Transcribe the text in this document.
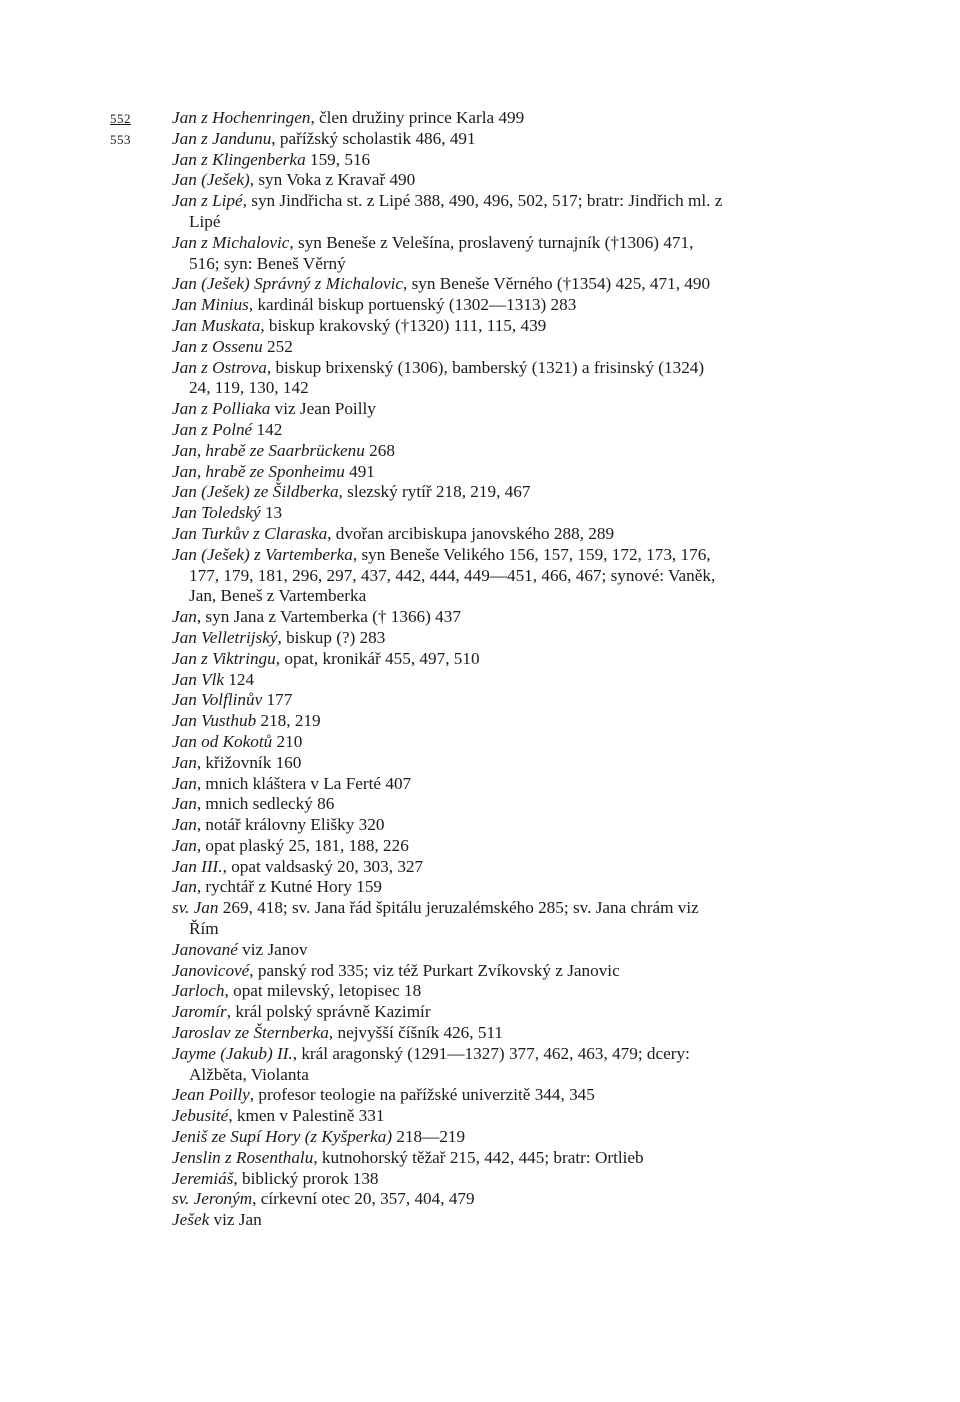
552
553

Jan z Hochenringen, člen družiny prince Karla 499

Jan z Jandunu, pařížský scholastik 486, 491

Jan z Klingenberka 159, 516

Jan (Ješek), syn Voka z Kravař 490

Jan z Lipé, syn Jindřicha st. z Lipé 388, 490, 496, 502, 517; bratr: Jindřich ml. z Lipé

Jan z Michalovic, syn Beneše z Velešína, proslavený turnajník (†1306) 471, 516; syn: Beneš Věrný

Jan (Ješek) Správný z Michalovic, syn Beneše Věrného (†1354) 425, 471, 490

Jan Minius, kardinál biskup portuenský (1302—1313) 283

Jan Muskata, biskup krakovský (†1320) 111, 115, 439

Jan z Ossenu 252

Jan z Ostrova, biskup brixenský (1306), bamberský (1321) a frisinský (1324) 24, 119, 130, 142

Jan z Polliaka viz Jean Poilly

Jan z Polné 142

Jan, hrabě ze Saarbrückenu 268

Jan, hrabě ze Sponheimu 491

Jan (Ješek) ze Šildberka, slezský rytíř 218, 219, 467

Jan Toledský 13

Jan Turkův z Claraska, dvořan arcibiskupa janovského 288, 289

Jan (Ješek) z Vartemberka, syn Beneše Velikého 156, 157, 159, 172, 173, 176, 177, 179, 181, 296, 297, 437, 442, 444, 449—451, 466, 467; synové: Vaněk, Jan, Beneš z Vartemberka

Jan, syn Jana z Vartemberka († 1366) 437

Jan Velletrijský, biskup (?) 283

Jan z Viktringu, opat, kronikář 455, 497, 510

Jan Vlk 124

Jan Volflinův 177

Jan Vusthub 218, 219

Jan od Kokotů 210

Jan, křižovník 160

Jan, mnich kláštera v La Ferté 407

Jan, mnich sedlecký 86

Jan, notář královny Elišky 320

Jan, opat plaský 25, 181, 188, 226

Jan III., opat valdsaský 20, 303, 327

Jan, rychtář z Kutné Hory 159

sv. Jan 269, 418; sv. Jana řád špitálu jeruzalémského 285; sv. Jana chrám viz Řím

Janované viz Janov

Janovicové, panský rod 335; viz též Purkart Zvíkovský z Janovic

Jarloch, opat milevský, letopisec 18

Jaromír, král polský správně Kazimír

Jaroslav ze Šternberka, nejvyšší číšník 426, 511

Jayme (Jakub) II., král aragonský (1291—1327) 377, 462, 463, 479; dcery: Alžběta, Violanta

Jean Poilly, profesor teologie na pařížské univerzitě 344, 345

Jebusité, kmen v Palestině 331

Jeniš ze Supí Hory (z Kyšperka) 218—219

Jenslin z Rosenthalu, kutnohorský těžař 215, 442, 445; bratr: Ortlieb

Jeremiáš, biblický prorok 138

sv. Jeroným, církevní otec 20, 357, 404, 479

Ješek viz Jan
